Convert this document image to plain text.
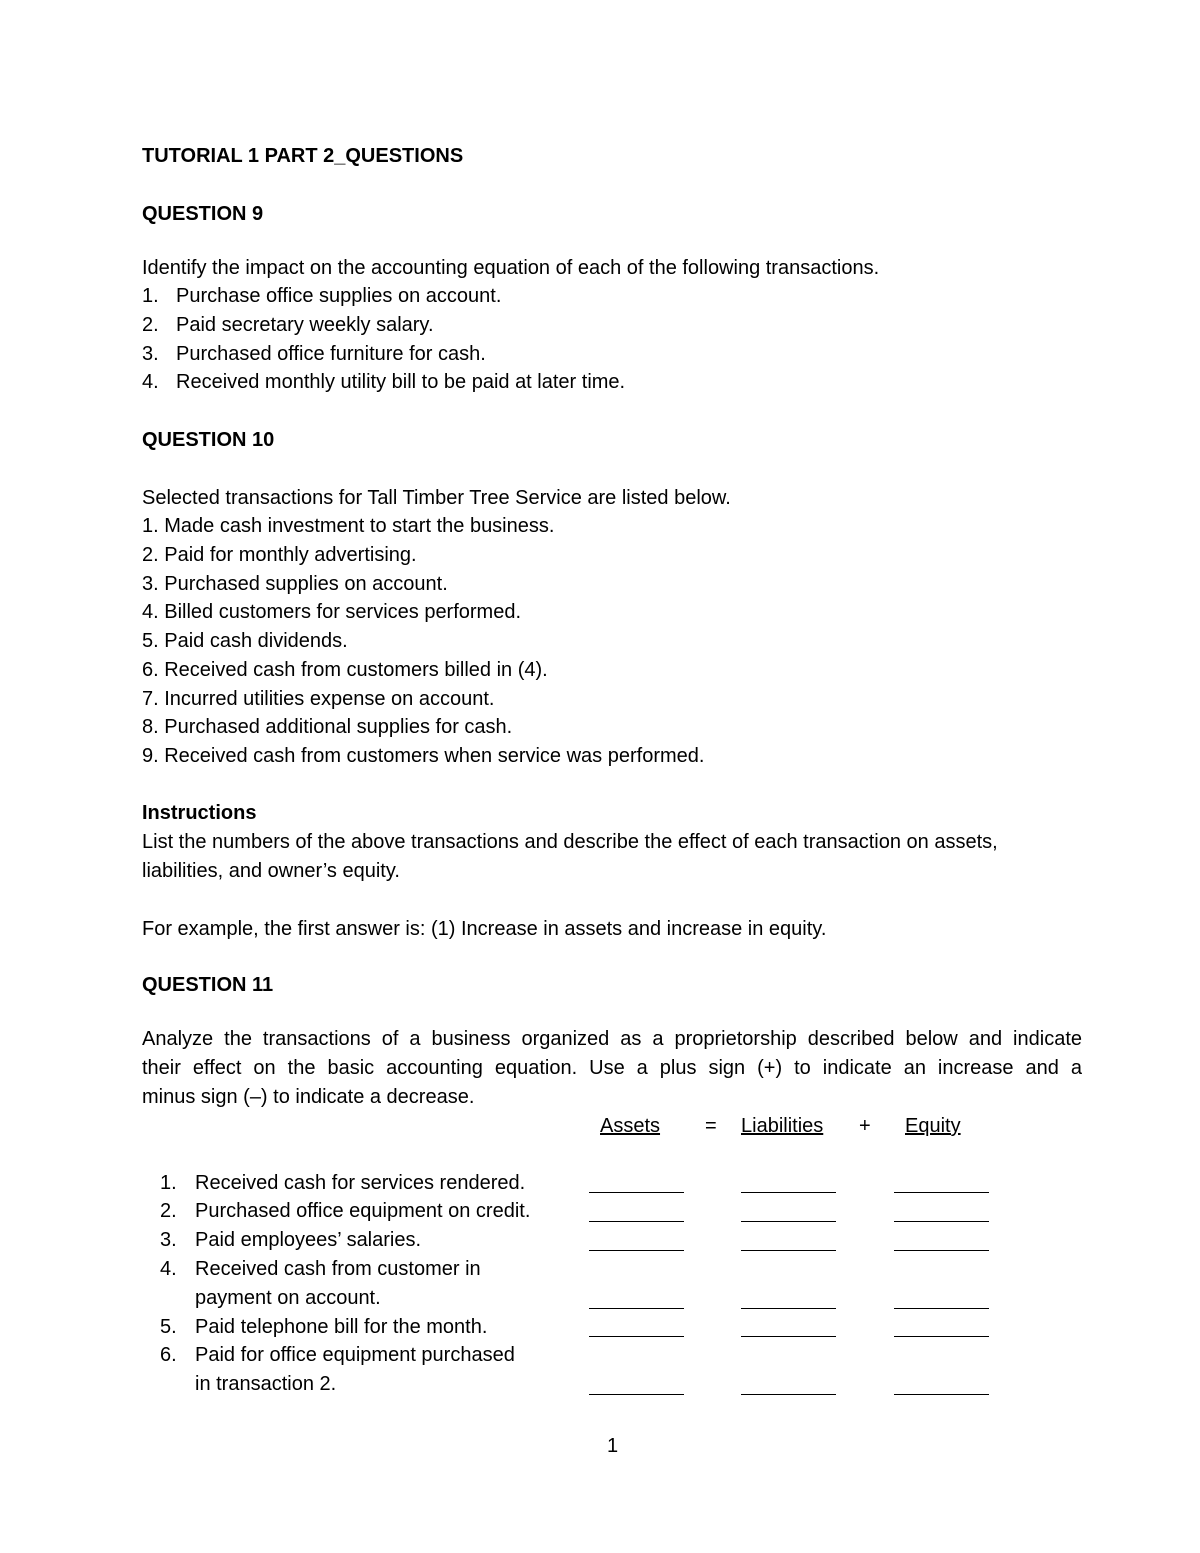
TUTORIAL 1 PART 2_QUESTIONS
QUESTION 9
Identify the impact on the accounting equation of each of the following transactions.
1. Purchase office supplies on account.
2. Paid secretary weekly salary.
3. Purchased office furniture for cash.
4. Received monthly utility bill to be paid at later time.
QUESTION 10
Selected transactions for Tall Timber Tree Service are listed below.
1. Made cash investment to start the business.
2. Paid for monthly advertising.
3. Purchased supplies on account.
4. Billed customers for services performed.
5. Paid cash dividends.
6. Received cash from customers billed in (4).
7. Incurred utilities expense on account.
8. Purchased additional supplies for cash.
9. Received cash from customers when service was performed.
Instructions
List the numbers of the above transactions and describe the effect of each transaction on assets,
liabilities, and owner’s equity.
For example, the first answer is: (1) Increase in assets and increase in equity.
QUESTION 11
Analyze the transactions of a business organized as a proprietorship described below and indicate
their effect on the basic accounting equation. Use a plus sign (+) to indicate an increase and a
minus sign (–) to indicate a decrease.
Assets = Liabilities + Equity
1. Received cash for services rendered.
2. Purchased office equipment on credit.
3. Paid employees’ salaries.
4. Received cash from customer in
payment on account.
5. Paid telephone bill for the month.
6. Paid for office equipment purchased
in transaction 2.
1
